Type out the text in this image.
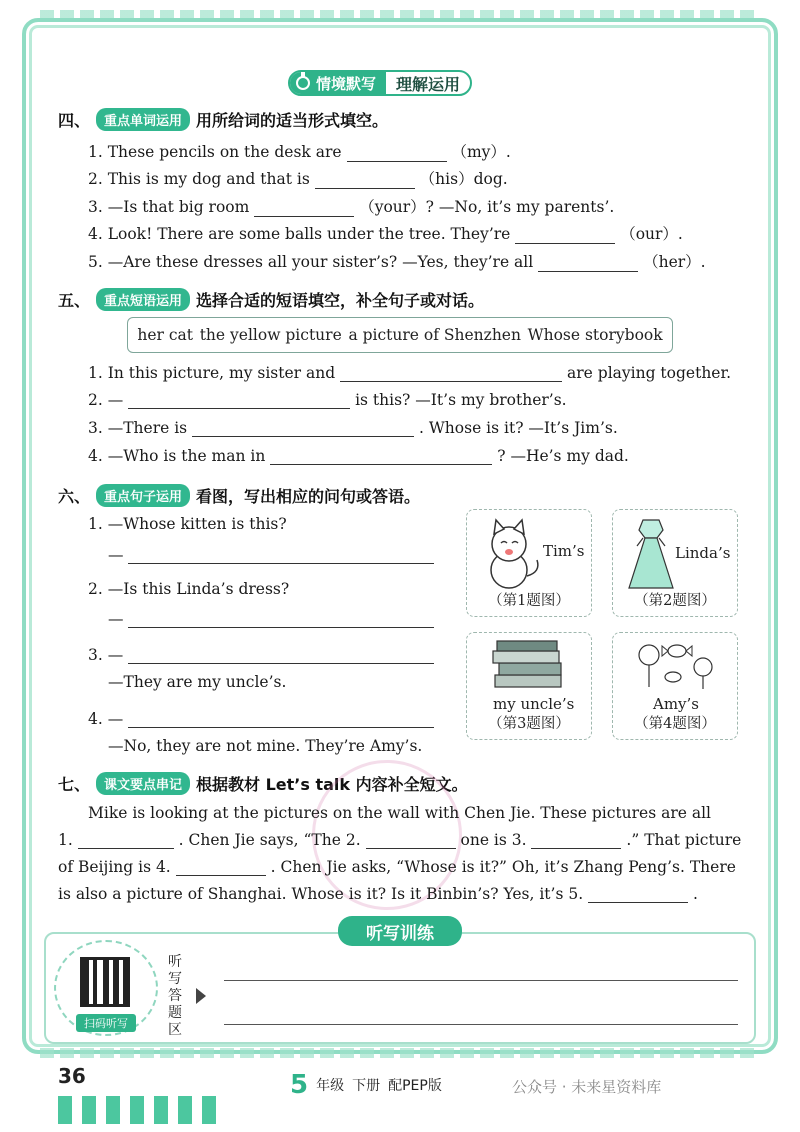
情境默写	理解运用
四、	重点单词运用 用所给词的适当形式填空。
1. These pencils on the desk are	（my）.
2. This is my dog and that is	（his）dog.
3. —Is that big room	（your）? —No, it’s my parents’.
4. Look! There are some balls under the tree. They’re	（our）.
5. —Are these dresses all your sister’s? —Yes, they’re all	（her）.
五、	重点短语运用 选择合适的短语填空，补全句子或对话。
her cat the yellow picture a picture of Shenzhen Whose storybook
1. In this picture, my sister and	are playing together.
2. —	is this? —It’s my brother’s.
3. —There is	. Whose is it? —It’s Jim’s.
4. —Who is the man in	? —He’s my dad.
六、	重点句子运用 看图，写出相应的问句或答语。
1. —Whose kitten is this?
—
2. —Is this Linda’s dress?
—
3. —
—They are my uncle’s.
4. —
—No, they are not mine. They’re Amy’s.
Tim’s
（第1题图）
Linda’s
（第2题图）
my uncle’s
（第3题图）
Amy’s
（第4题图）
七、	课文要点串记 根据教材 Let’s talk 内容补全短文。
Mike is looking at the pictures on the wall with Chen Jie. These pictures are all
1.	. Chen Jie says, “The 2.	one is 3.	.” That picture
of Beijing is 4.	. Chen Jie asks, “Whose is it?” Oh, it’s Zhang Peng’s. There
is also a picture of Shanghai. Whose is it? Is it Binbin’s? Yes, it’s 5.	.
听写训练
扫码听写
听写答题区
36	5 年级 下册 配PEP版	公众号 · 未来星资料库
